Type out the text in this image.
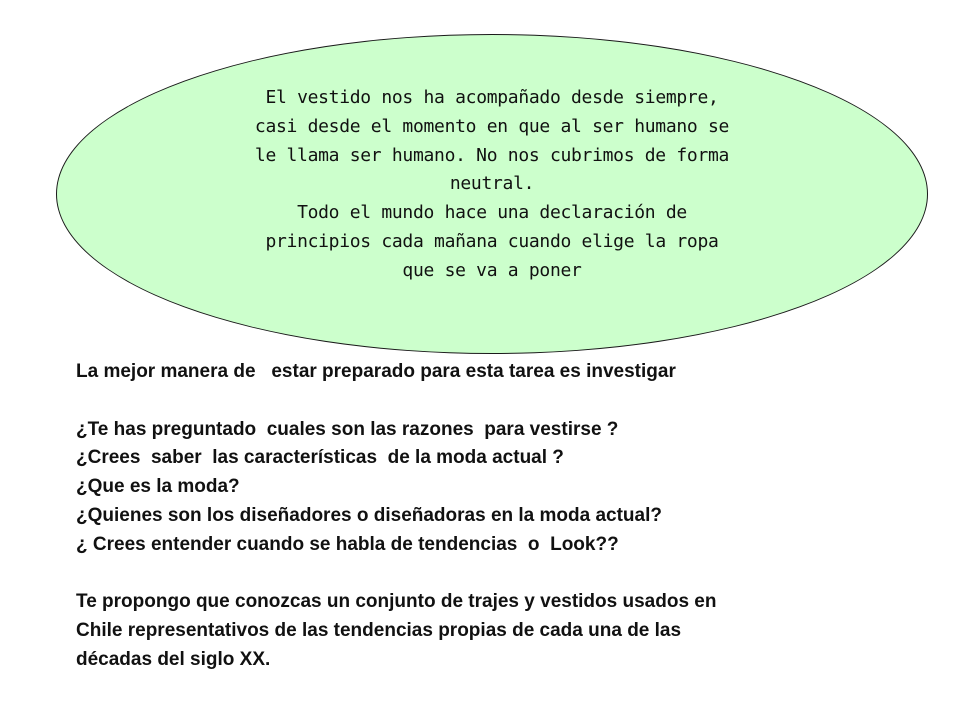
El vestido nos ha acompañado desde siempre,
casi desde el momento en que al ser humano se
le llama ser humano. No nos cubrimos de forma
neutral.
Todo el mundo hace una declaración de
principios cada mañana cuando elige la ropa
que se va a poner
La mejor manera de   estar preparado para esta tarea es investigar
¿Te has preguntado  cuales son las razones  para vestirse ?
¿Crees  saber  las características  de la moda actual ?
¿Que es la moda?
¿Quienes son los diseñadores o diseñadoras en la moda actual?
¿ Crees entender cuando se habla de tendencias  o  Look??
Te propongo que conozcas un conjunto de trajes y vestidos usados en
Chile representativos de las tendencias propias de cada una de las
décadas del siglo XX.
